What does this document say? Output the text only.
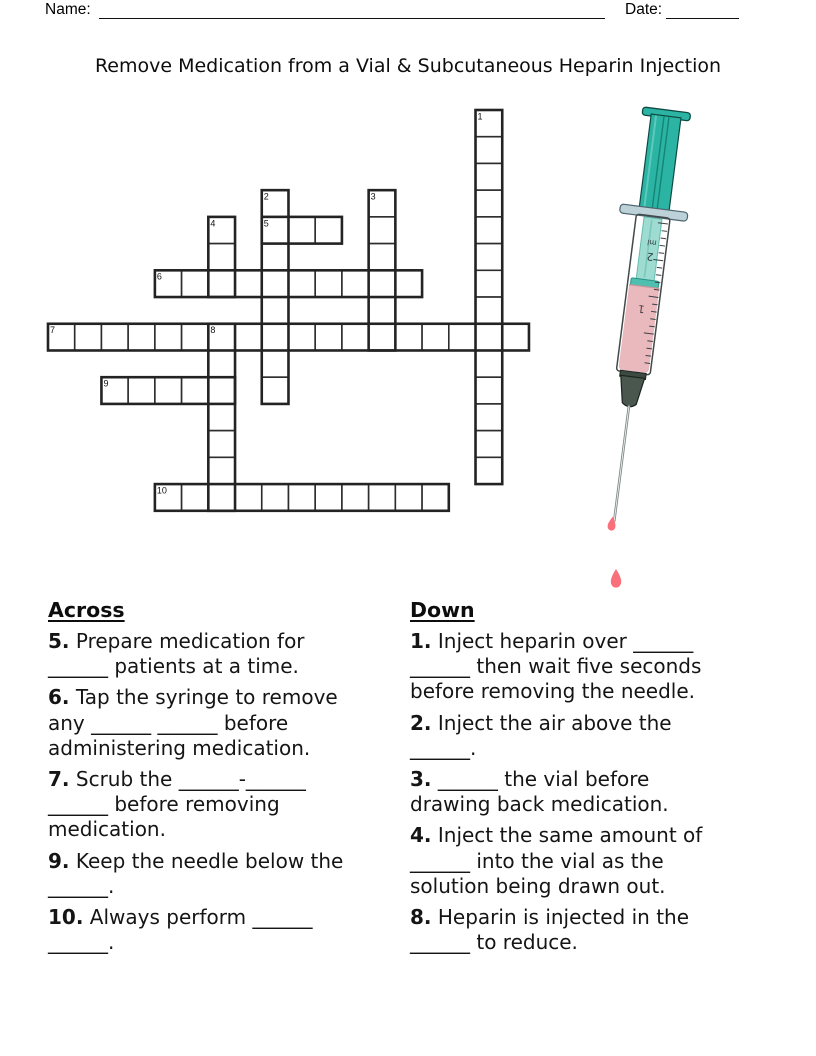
Name:	Date:
Remove Medication from a Vial & Subcutaneous Heparin Injection
1
2
5
3
4
6
7	8
9
10
ml
2
1
Across
5. Prepare medication for
______ patients at a time.
6. Tap the syringe to remove
any ______ ______ before
administering medication.
7. Scrub the ______-______
______ before removing
medication.
9. Keep the needle below the
______.
10. Always perform ______
______.
Down
1. Inject heparin over ______
______ then wait five seconds
before removing the needle.
2. Inject the air above the
______.
3. ______ the vial before
drawing back medication.
4. Inject the same amount of
______ into the vial as the
solution being drawn out.
8. Heparin is injected in the
______ to reduce.
